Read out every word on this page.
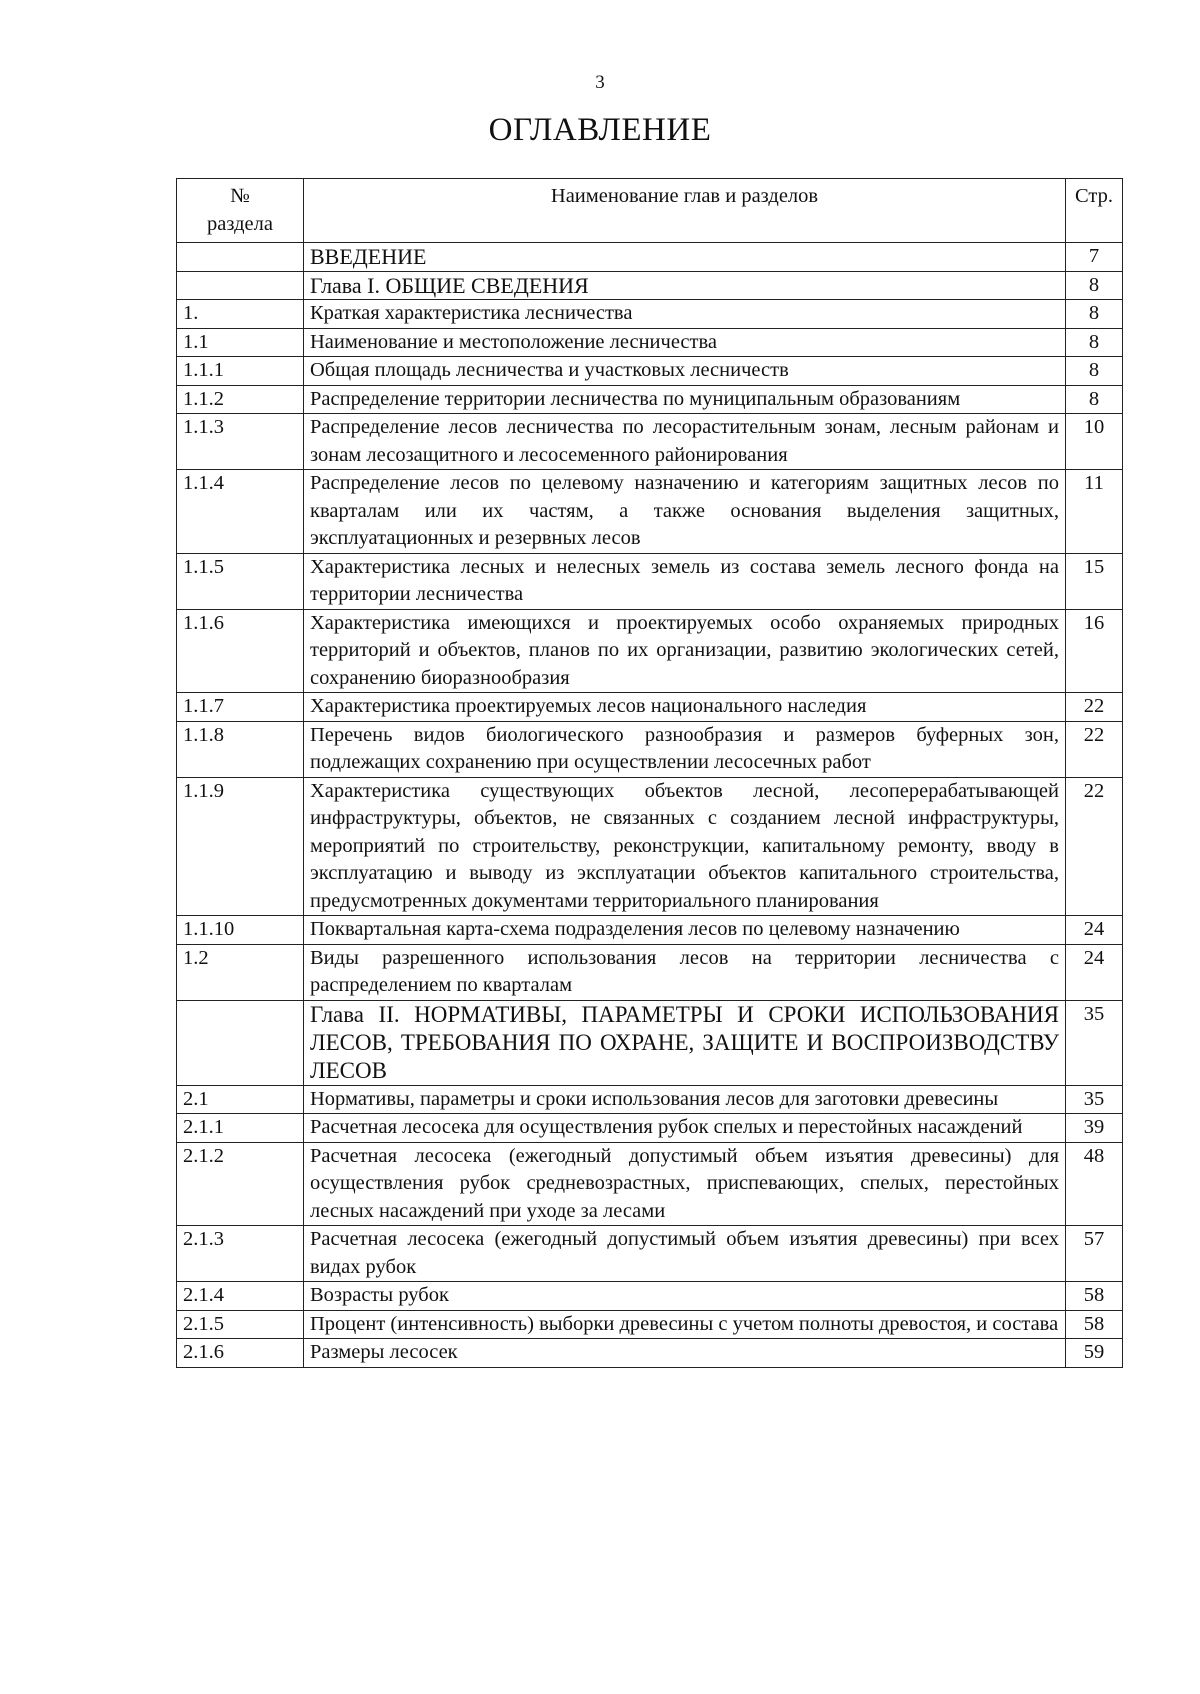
3
ОГЛАВЛЕНИЕ
№ раздела	Наименование глав и разделов	Стр.
	ВВЕДЕНИЕ	7
	Глава I. ОБЩИЕ СВЕДЕНИЯ	8
1.	Краткая характеристика лесничества	8
1.1	Наименование и местоположение лесничества	8
1.1.1	Общая площадь лесничества и участковых лесничеств	8
1.1.2	Распределение территории лесничества по муниципальным образованиям	8
1.1.3	Распределение лесов лесничества по лесорастительным зонам, лесным районам и зонам лесозащитного и лесосеменного районирования	10
1.1.4	Распределение лесов по целевому назначению и категориям защитных лесов по кварталам или их частям, а также основания выделения защитных, эксплуатационных и резервных лесов	11
1.1.5	Характеристика лесных и нелесных земель из состава земель лесного фонда на территории лесничества	15
1.1.6	Характеристика имеющихся и проектируемых особо охраняемых природных территорий и объектов, планов по их организации, развитию экологических сетей, сохранению биоразнообразия	16
1.1.7	Характеристика проектируемых лесов национального наследия	22
1.1.8	Перечень видов биологического разнообразия и размеров буферных зон, подлежащих сохранению при осуществлении лесосечных работ	22
1.1.9	Характеристика существующих объектов лесной, лесоперерабатывающей инфраструктуры, объектов, не связанных с созданием лесной инфраструктуры, мероприятий по строительству, реконструкции, капитальному ремонту, вводу в эксплуатацию и выводу из эксплуатации объектов капитального строительства, предусмотренных документами территориального планирования	22
1.1.10	Поквартальная карта-схема подразделения лесов по целевому назначению	24
1.2	Виды разрешенного использования лесов на территории лесничества с распределением по кварталам	24
	Глава II. НОРМАТИВЫ, ПАРАМЕТРЫ И СРОКИ ИСПОЛЬЗОВАНИЯ ЛЕСОВ, ТРЕБОВАНИЯ ПО ОХРАНЕ, ЗАЩИТЕ И ВОСПРОИЗВОДСТВУ ЛЕСОВ	35
2.1	Нормативы, параметры и сроки использования лесов для заготовки древесины	35
2.1.1	Расчетная лесосека для осуществления рубок спелых и перестойных насаждений	39
2.1.2	Расчетная лесосека (ежегодный допустимый объем изъятия древесины) для осуществления рубок средневозрастных, приспевающих, спелых, перестойных лесных насаждений при уходе за лесами	48
2.1.3	Расчетная лесосека (ежегодный допустимый объем изъятия древесины) при всех видах рубок	57
2.1.4	Возрасты рубок	58
2.1.5	Процент (интенсивность) выборки древесины с учетом полноты древостоя, и состава	58
2.1.6	Размеры лесосек	59
